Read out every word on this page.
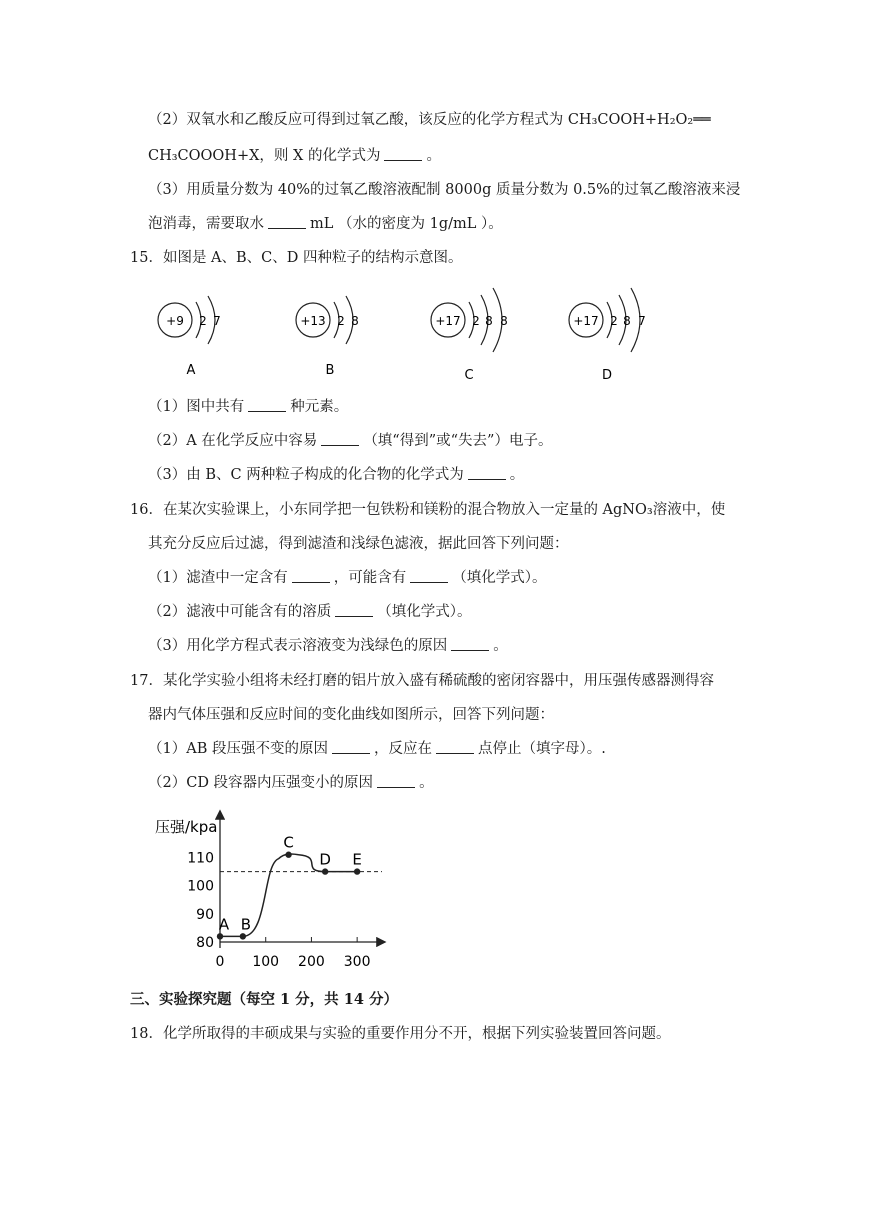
（2）双氧水和乙酸反应可得到过氧乙酸，该反应的化学方程式为 CH₃COOH+H₂O₂══
CH₃COOOH+X，则 X 的化学式为	。
（3）用质量分数为 40%的过氧乙酸溶液配制 8000g 质量分数为 0.5%的过氧乙酸溶液来浸
泡消毒，需要取水	mL （水的密度为 1g/mL ）。
15．如图是 A、B、C、D 四种粒子的结构示意图。
+9 2 7
A
+13 2 8
B
+17 2 8 8
C
+17 2 8 7
D
（1）图中共有	种元素。
（2）A 在化学反应中容易	（填“得到”或“失去”）电子。
（3）由 B、C 两种粒子构成的化合物的化学式为	。
16．在某次实验课上，小东同学把一包铁粉和镁粉的混合物放入一定量的 AgNO₃溶液中，使
其充分反应后过滤，得到滤渣和浅绿色滤液，据此回答下列问题：
（1）滤渣中一定含有	，可能含有	（填化学式）。
（2）滤液中可能含有的溶质	（填化学式）。
（3）用化学方程式表示溶液变为浅绿色的原因	。
17．某化学实验小组将未经打磨的铝片放入盛有稀硫酸的密闭容器中，用压强传感器测得容
器内气体压强和反应时间的变化曲线如图所示，回答下列问题：
（1）AB 段压强不变的原因	，反应在	点停止（填字母）。.
（2）CD 段容器内压强变小的原因	。
压强/kpa
0 100 200 300
80
90
100
110
A B
C
D E
三、实验探究题（每空 1 分，共 14 分）
18．化学所取得的丰硕成果与实验的重要作用分不开，根据下列实验装置回答问题。
